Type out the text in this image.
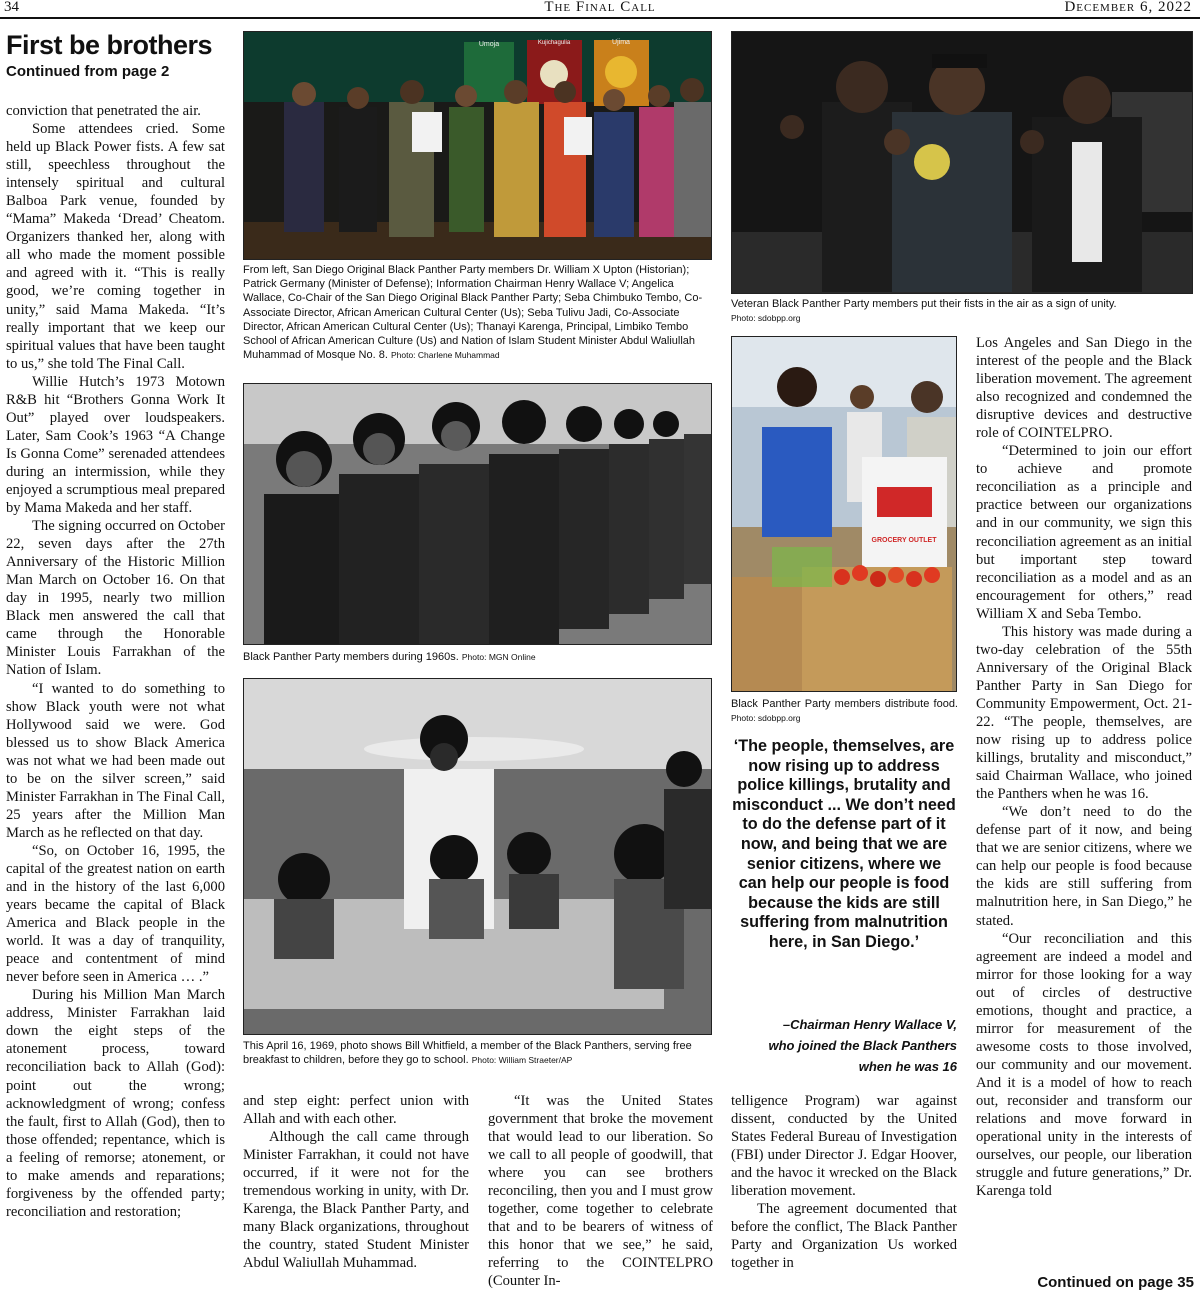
34	The Final Call	December 6, 2022
First be brothers
Continued from page 2

conviction that penetrated the air.

Some attendees cried. Some held up Black Power fists. A few sat still, speechless throughout the intensely spiritual and cultural Balboa Park venue, founded by “Mama” Makeda ‘Dread’ Cheatom. Organizers thanked her, along with all who made the moment possible and agreed with it. “This is really good, we’re coming together in unity,” said Mama Makeda. “It’s really important that we keep our spiritual values that have been taught to us,” she told The Final Call.

Willie Hutch’s 1973 Motown R&B hit “Brothers Gonna Work It Out” played over loudspeakers. Later, Sam Cook’s 1963 “A Change Is Gonna Come” serenaded attendees during an intermission, while they enjoyed a scrumptious meal prepared by Mama Makeda and her staff.

The signing occurred on October 22, seven days after the 27th Anniversary of the Historic Million Man March on October 16. On that day in 1995, nearly two million Black men answered the call that came through the Honorable Minister Louis Farrakhan of the Nation of Islam.

“I wanted to do something to show Black youth were not what Hollywood said we were. God blessed us to show Black America was not what we had been made out to be on the silver screen,” said Minister Farrakhan in The Final Call, 25 years after the Million Man March as he reflected on that day.

“So, on October 16, 1995, the capital of the greatest nation on earth and in the history of the last 6,000 years became the capital of Black America and Black people in the world. It was a day of tranquility, peace and contentment of mind never before seen in America … .”

During his Million Man March address, Minister Farrakhan laid down the eight steps of the atonement process, toward reconciliation back to Allah (God): point out the wrong; acknowledgment of wrong; confess the fault, first to Allah (God), then to those offended; repentance, which is a feeling of remorse; atonement, or to make amends and reparations; forgiveness by the offended party; reconciliation and restoration;

Umoja	Kujichagulia	Ujima
From left, San Diego Original Black Panther Party members Dr. William X Upton (Historian); Patrick Germany (Minister of Defense); Information Chairman Henry Wallace V; Angelica Wallace, Co-Chair of the San Diego Original Black Panther Party; Seba Chimbuko Tembo, Co-Associate Director, African American Cultural Center (Us); Seba Tulivu Jadi, Co-Associate Director, African American Cultural Center (Us); Thanayi Karenga, Principal, Limbiko Tembo School of African American Culture (Us) and Nation of Islam Student Minister Abdul Waliullah Muhammad of Mosque No. 8. Photo: Charlene Muhammad
Veteran Black Panther Party members put their fists in the air as a sign of unity.
Photo: sdobpp.org
Black Panther Party members during 1960s. Photo: MGN Online
This April 16, 1969, photo shows Bill Whitfield, a member of the Black Panthers, serving free breakfast to children, before they go to school. Photo: William Straeter/AP
GROCERY OUTLET
Black Panther Party members distribute food. Photo: sdobpp.org
‘The people, themselves, are now rising up to address police killings, brutality and misconduct ... We don’t need to do the defense part of it now, and being that we are senior citizens, where we can help our people is food because the kids are still suffering from malnutrition here, in San Diego.’
–Chairman Henry Wallace V,
who joined the Black Panthers
when he was 16

and step eight: perfect union with Allah and with each other.

Although the call came through Minister Farrakhan, it could not have occurred, if it were not for the tremendous working in unity, with Dr. Karenga, the Black Panther Party, and many Black organizations, throughout the country, stated Student Minister Abdul Waliullah Muhammad.

“It was the United States government that broke the movement that would lead to our liberation. So we call to all people of goodwill, that where you can see brothers reconciling, then you and I must grow together, come together to celebrate that and to be bearers of witness of this honor that we see,” he said, referring to the COINTELPRO (Counter In-

telligence Program) war against dissent, conducted by the United States Federal Bureau of Investigation (FBI) under Director J. Edgar Hoover, and the havoc it wrecked on the Black liberation movement.

The agreement documented that before the conflict, The Black Panther Party and Organization Us worked together in

Los Angeles and San Diego in the interest of the people and the Black liberation movement. The agreement also recognized and condemned the disruptive devices and destructive role of COINTELPRO.

“Determined to join our effort to achieve and promote reconciliation as a principle and practice between our organizations and in our community, we sign this reconciliation agreement as an initial but important step toward reconciliation as a model and as an encouragement for others,” read William X and Seba Tembo.

This history was made during a two-day celebration of the 55th Anniversary of the Original Black Panther Party in San Diego for Community Empowerment, Oct. 21-22. “The people, themselves, are now rising up to address police killings, brutality and misconduct,” said Chairman Wallace, who joined the Panthers when he was 16.

“We don’t need to do the defense part of it now, and being that we are senior citizens, where we can help our people is food because the kids are still suffering from malnutrition here, in San Diego,” he stated.

“Our reconciliation and this agreement are indeed a model and mirror for those looking for a way out of circles of destructive emotions, thought and practice, a mirror for measurement of the awesome costs to those involved, our community and our movement. And it is a model of how to reach out, reconsider and transform our relations and move forward in operational unity in the interests of ourselves, our people, our liberation struggle and future generations,” Dr. Karenga told

Continued on page 35
